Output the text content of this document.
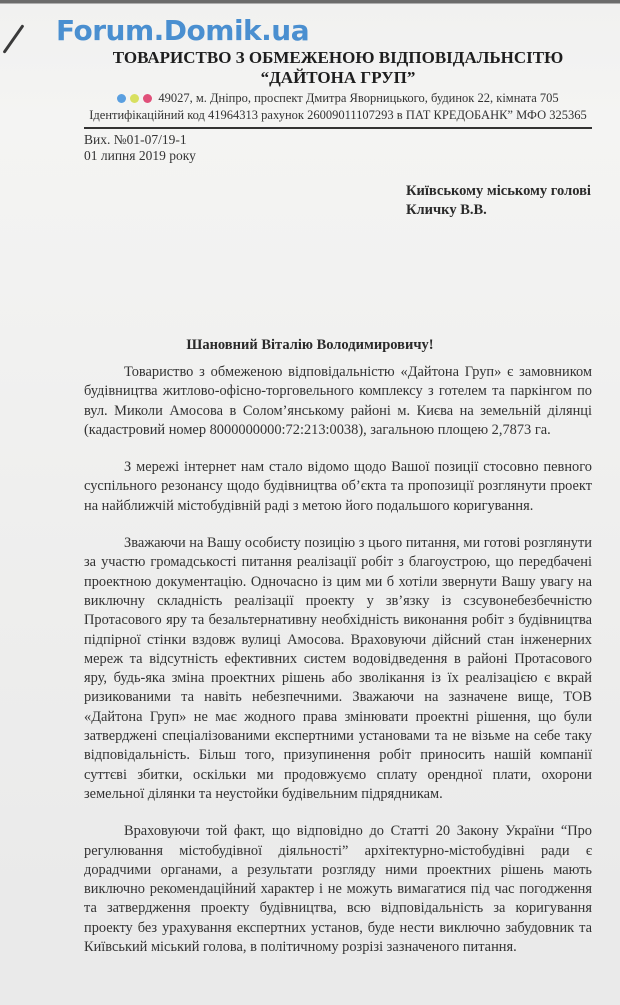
Forum.Domik.ua
ТОВАРИСТВО З ОБМЕЖЕНОЮ ВІДПОВІДАЛЬНСІТЮ
“ДАЙТОНА ГРУП”
49027, м. Дніпро, проспект Дмитра Яворницького, будинок 22, кімната 705
Ідентифікаційний код 41964313 рахунок 26009011107293 в ПАТ КРЕДОБАНК” МФО 325365
Вих. №01-07/19-1
01 липня 2019 року
Київському міському голові
Кличку В.В.
Шановний Віталію Володимировичу!
Товариство з обмеженою відповідальністю «Дайтона Груп» є замовником будівництва житлово-офісно-торговельного комплексу з готелем та паркінгом по вул. Миколи Амосова в Солом’янському районі м. Києва на земельній ділянці (кадастровий номер 8000000000:72:213:0038), загальною площею 2,7873 га.
З мережі інтернет нам стало відомо щодо Вашої позиції стосовно певного суспільного резонансу щодо будівництва об’єкта та пропозиції розглянути проект на найближчій містобудівній раді з метою його подальшого коригування.
Зважаючи на Вашу особисту позицію з цього питання, ми готові розглянути за участю громадськості питання реалізації робіт з благоустрою, що передбачені проектною документацію. Одночасно із цим ми б хотіли звернути Вашу увагу на виключну складність реалізації проекту у зв’язку із сзсувонебезбечністю Протасового яру та безальтернативну необхідність виконання робіт з будівництва підпірної стінки вздовж вулиці Амосова. Враховуючи дійсний стан інженерних мереж та відсутність ефективних систем водовідведення в районі Протасового яру, будь-яка зміна проектних рішень або зволікання із їх реалізацією є вкрай ризикованими та навіть небезпечними. Зважаючи на зазначене вище, ТОВ «Дайтона Груп» не має жодного права змінювати проектні рішення, що були затверджені спеціалізованими експертними установами та не візьме на себе таку відповідальність. Більш того, призупинення робіт приносить нашій компанії суттєві збитки, оскільки ми продовжуємо сплату орендної плати, охорони земельної ділянки та неустойки будівельним підрядникам.
Враховуючи той факт, що відповідно до Статті 20 Закону України “Про регулювання містобудівної діяльності” архітектурно-містобудівні ради є дорадчими органами, а результати розгляду ними проектних рішень мають виключно рекомендаційний характер і не можуть вимагатися під час погодження та затвердження проекту будівництва, всю відповідальність за коригування проекту без урахування експертних установ, буде нести виключно забудовник та Київський міський голова, в політичному розрізі зазначеного питання.
